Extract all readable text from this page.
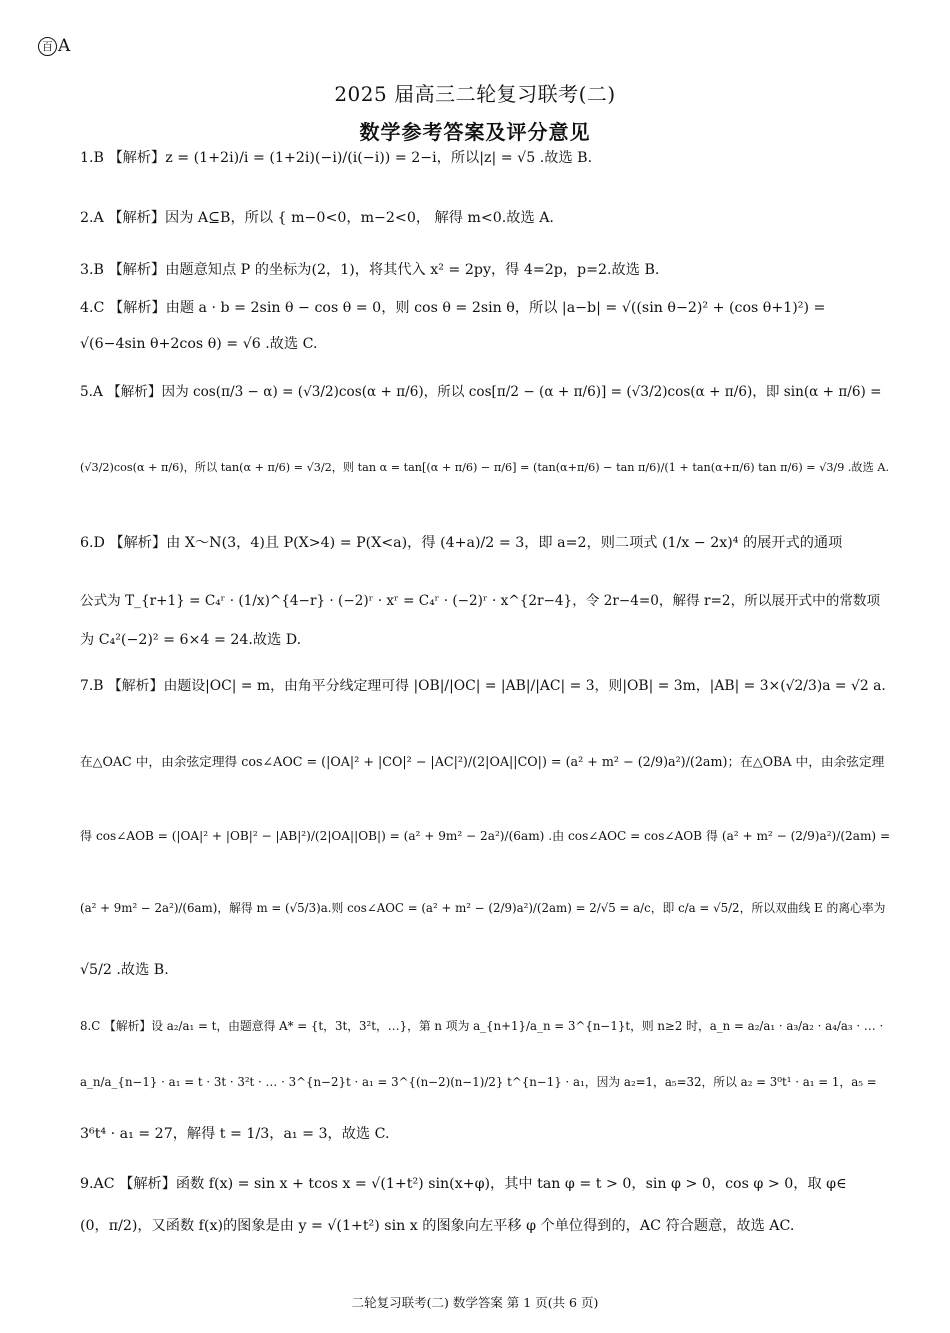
百 A
2025 届高三二轮复习联考(二)
数学参考答案及评分意见
1.B 【解析】z = (1+2i)/i = (1+2i)(−i)/(i(−i)) = 2−i，所以|z| = √5 .故选 B.
2.A 【解析】因为 A⊆B，所以 { m−0<0，m−2<0， 解得 m<0.故选 A.
3.B 【解析】由题意知点 P 的坐标为(2，1)，将其代入 x² = 2py，得 4=2p，p=2.故选 B.
4.C 【解析】由题 a · b = 2sin θ − cos θ = 0，则 cos θ = 2sin θ，所以 |a−b| = √((sin θ−2)² + (cos θ+1)²) =
√(6−4sin θ+2cos θ) = √6 .故选 C.
5.A 【解析】因为 cos(π/3 − α) = (√3/2)cos(α + π/6)，所以 cos[π/2 − (α + π/6)] = (√3/2)cos(α + π/6)，即 sin(α + π/6) =
(√3/2)cos(α + π/6)，所以 tan(α + π/6) = √3/2，则 tan α = tan[(α + π/6) − π/6] = (tan(α+π/6) − tan π/6)/(1 + tan(α+π/6) tan π/6) = √3/9 .故选 A.
6.D 【解析】由 X～N(3，4)且 P(X>4) = P(X<a)，得 (4+a)/2 = 3，即 a=2，则二项式 (1/x − 2x)⁴ 的展开式的通项
公式为 T_{r+1} = C₄ʳ · (1/x)^{4−r} · (−2)ʳ · xʳ = C₄ʳ · (−2)ʳ · x^{2r−4}，令 2r−4=0，解得 r=2，所以展开式中的常数项
为 C₄²(−2)² = 6×4 = 24.故选 D.
7.B 【解析】由题设|OC| = m，由角平分线定理可得 |OB|/|OC| = |AB|/|AC| = 3，则|OB| = 3m，|AB| = 3×(√2/3)a = √2 a.
在△OAC 中，由余弦定理得 cos∠AOC = (|OA|² + |CO|² − |AC|²)/(2|OA||CO|) = (a² + m² − (2/9)a²)/(2am)；在△OBA 中，由余弦定理
得 cos∠AOB = (|OA|² + |OB|² − |AB|²)/(2|OA||OB|) = (a² + 9m² − 2a²)/(6am) .由 cos∠AOC = cos∠AOB 得 (a² + m² − (2/9)a²)/(2am) =
(a² + 9m² − 2a²)/(6am)，解得 m = (√5/3)a.则 cos∠AOC = (a² + m² − (2/9)a²)/(2am) = 2/√5 = a/c，即 c/a = √5/2，所以双曲线 E 的离心率为
√5/2 .故选 B.
8.C 【解析】设 a₂/a₁ = t，由题意得 A* = {t，3t，3²t，…}，第 n 项为 a_{n+1}/a_n = 3^{n−1}t，则 n≥2 时，a_n = a₂/a₁ · a₃/a₂ · a₄/a₃ · … ·
a_n/a_{n−1} · a₁ = t · 3t · 3²t · … · 3^{n−2}t · a₁ = 3^{(n−2)(n−1)/2} t^{n−1} · a₁，因为 a₂=1，a₅=32，所以 a₂ = 3⁰t¹ · a₁ = 1，a₅ =
3⁶t⁴ · a₁ = 27，解得 t = 1/3，a₁ = 3，故选 C.
9.AC 【解析】函数 f(x) = sin x + tcos x = √(1+t²) sin(x+φ)，其中 tan φ = t > 0，sin φ > 0，cos φ > 0，取 φ∈
(0，π/2)，又函数 f(x)的图象是由 y = √(1+t²) sin x 的图象向左平移 φ 个单位得到的，AC 符合题意，故选 AC.
二轮复习联考(二) 数学答案 第 1 页(共 6 页)
